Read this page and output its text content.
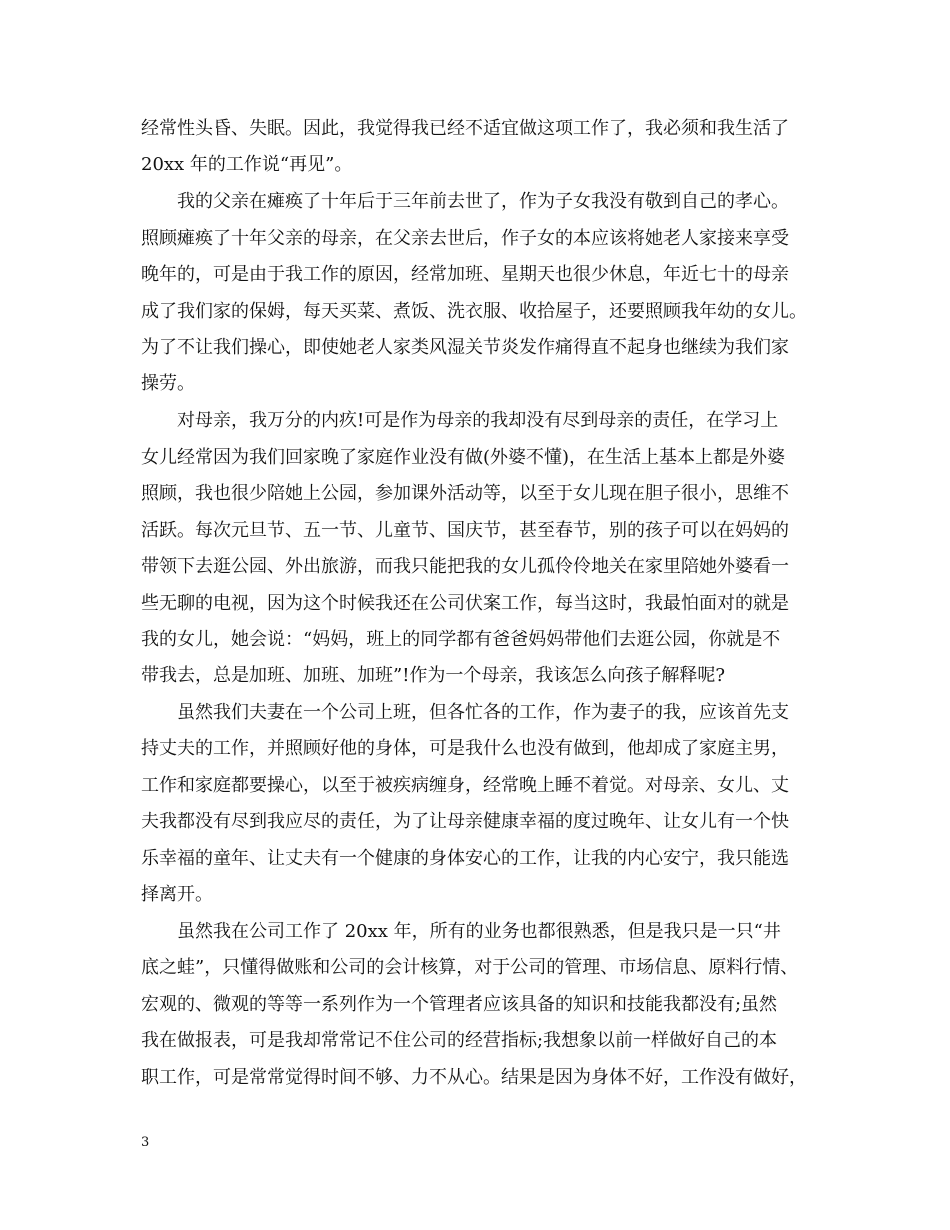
经常性头昏、失眠。因此，我觉得我已经不适宜做这项工作了，我必须和我生活了
20xx 年的工作说“再见”。
我的父亲在瘫痪了十年后于三年前去世了，作为子女我没有敬到自己的孝心。
照顾瘫痪了十年父亲的母亲，在父亲去世后，作子女的本应该将她老人家接来享受
晚年的，可是由于我工作的原因，经常加班、星期天也很少休息，年近七十的母亲
成了我们家的保姆，每天买菜、煮饭、洗衣服、收拾屋子，还要照顾我年幼的女儿。
为了不让我们操心，即使她老人家类风湿关节炎发作痛得直不起身也继续为我们家
操劳。
对母亲，我万分的内疚!可是作为母亲的我却没有尽到母亲的责任，在学习上
女儿经常因为我们回家晚了家庭作业没有做(外婆不懂)，在生活上基本上都是外婆
照顾，我也很少陪她上公园，参加课外活动等，以至于女儿现在胆子很小，思维不
活跃。每次元旦节、五一节、儿童节、国庆节，甚至春节，别的孩子可以在妈妈的
带领下去逛公园、外出旅游，而我只能把我的女儿孤伶伶地关在家里陪她外婆看一
些无聊的电视，因为这个时候我还在公司伏案工作，每当这时，我最怕面对的就是
我的女儿，她会说：“妈妈，班上的同学都有爸爸妈妈带他们去逛公园，你就是不
带我去，总是加班、加班、加班”!作为一个母亲，我该怎么向孩子解释呢?
虽然我们夫妻在一个公司上班，但各忙各的工作，作为妻子的我，应该首先支
持丈夫的工作，并照顾好他的身体，可是我什么也没有做到，他却成了家庭主男，
工作和家庭都要操心，以至于被疾病缠身，经常晚上睡不着觉。对母亲、女儿、丈
夫我都没有尽到我应尽的责任，为了让母亲健康幸福的度过晚年、让女儿有一个快
乐幸福的童年、让丈夫有一个健康的身体安心的工作，让我的内心安宁，我只能选
择离开。
虽然我在公司工作了 20xx 年，所有的业务也都很熟悉，但是我只是一只“井
底之蛙”，只懂得做账和公司的会计核算，对于公司的管理、市场信息、原料行情、
宏观的、微观的等等一系列作为一个管理者应该具备的知识和技能我都没有;虽然
我在做报表，可是我却常常记不住公司的经营指标;我想象以前一样做好自己的本
职工作，可是常常觉得时间不够、力不从心。结果是因为身体不好，工作没有做好，
3
